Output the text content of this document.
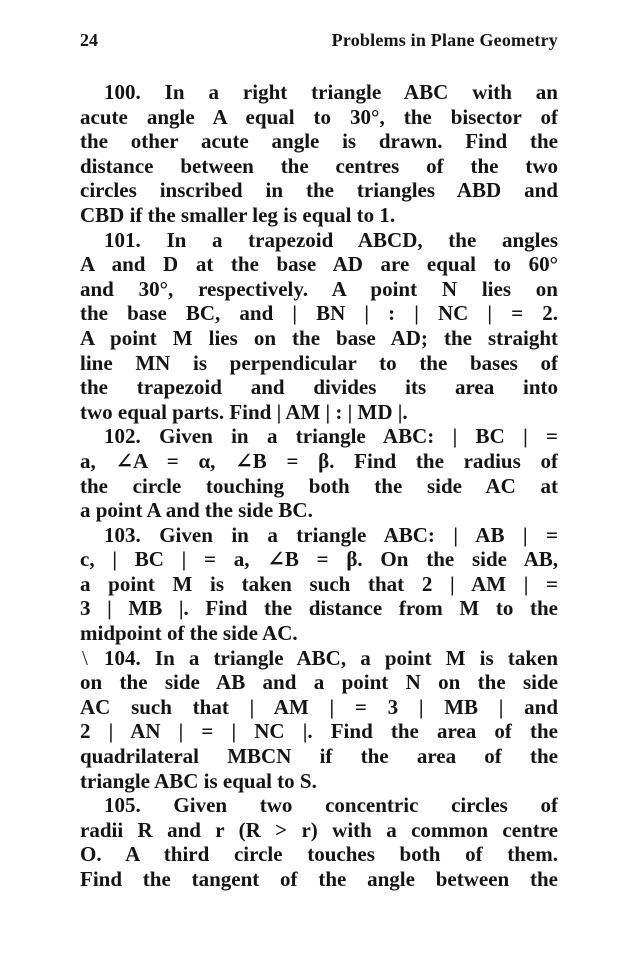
24	Problems in Plane Geometry
100. In a right triangle ABC with an
acute angle A equal to 30°, the bisector of
the other acute angle is drawn. Find the
distance between the centres of the two
circles inscribed in the triangles ABD and
CBD if the smaller leg is equal to 1.
101. In a trapezoid ABCD, the angles
A and D at the base AD are equal to 60°
and 30°, respectively. A point N lies on
the base BC, and | BN | : | NC | = 2.
A point M lies on the base AD; the straight
line MN is perpendicular to the bases of
the trapezoid and divides its area into
two equal parts. Find | AM | : | MD |.
102. Given in a triangle ABC: | BC | =
a, ∠A = α, ∠B = β. Find the radius of
the circle touching both the side AC at
a point A and the side BC.
103. Given in a triangle ABC: | AB | =
c, | BC | = a, ∠B = β. On the side AB,
a point M is taken such that 2 | AM | =
3 | MB |. Find the distance from M to the
midpoint of the side AC.
\ 104. In a triangle ABC, a point M is taken
on the side AB and a point N on the side
AC such that | AM | = 3 | MB | and
2 | AN | = | NC |. Find the area of the
quadrilateral MBCN if the area of the
triangle ABC is equal to S.
105. Given two concentric circles of
radii R and r (R > r) with a common centre
O. A third circle touches both of them.
Find the tangent of the angle between the
